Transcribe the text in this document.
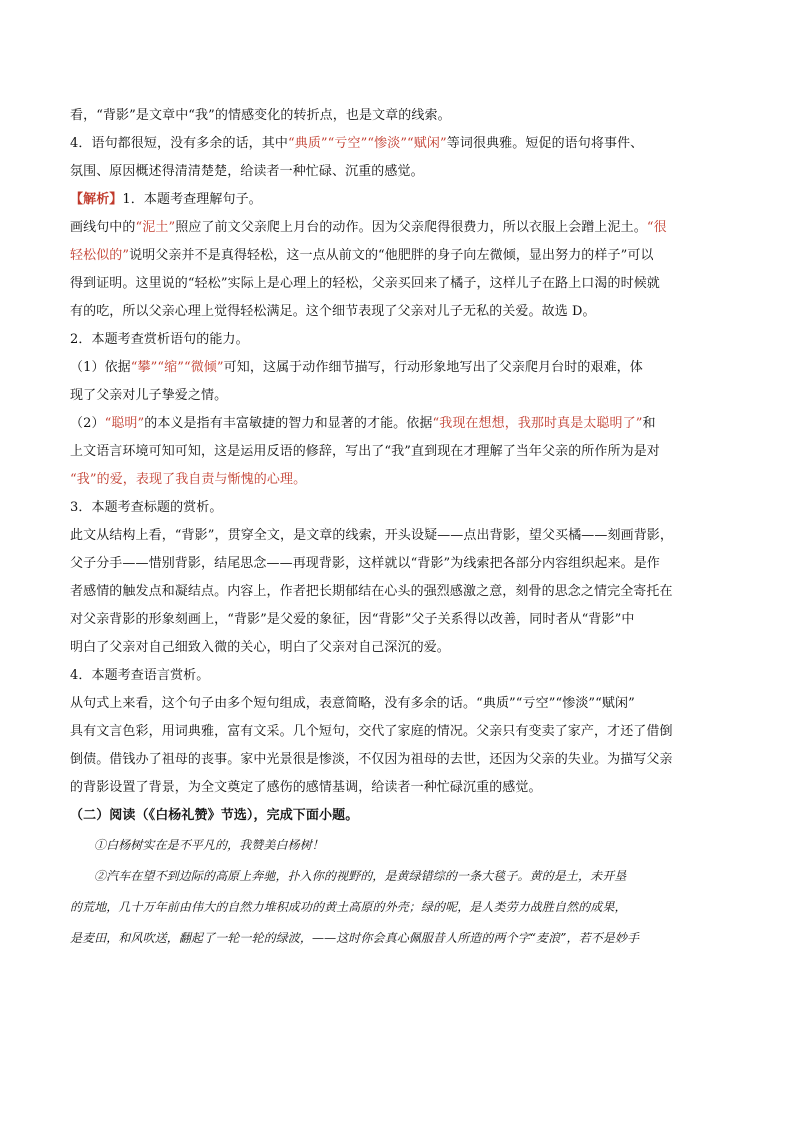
看，“背影”是文章中“我”的情感变化的转折点，也是文章的线索。
4．语句都很短，没有多余的话，其中“典质”“亏空”“惨淡”“赋闲”等词很典雅。短促的语句将事件、
氛围、原因概述得清清楚楚，给读者一种忙碌、沉重的感觉。
【解析】1．本题考查理解句子。
画线句中的“泥土”照应了前文父亲爬上月台的动作。因为父亲爬得很费力，所以衣服上会蹭上泥土。“很
轻松似的”说明父亲并不是真得轻松，这一点从前文的“他肥胖的身子向左微倾，显出努力的样子”可以
得到证明。这里说的“轻松”实际上是心理上的轻松，父亲买回来了橘子，这样儿子在路上口渴的时候就
有的吃，所以父亲心理上觉得轻松满足。这个细节表现了父亲对儿子无私的关爱。故选 D。
2．本题考查赏析语句的能力。
（1）依据“攀”“缩”“微倾”可知，这属于动作细节描写，行动形象地写出了父亲爬月台时的艰难，体
现了父亲对儿子挚爱之情。
（2）“聪明”的本义是指有丰富敏捷的智力和显著的才能。依据“我现在想想，我那时真是太聪明了”和
上文语言环境可知可知，这是运用反语的修辞，写出了“我”直到现在才理解了当年父亲的所作所为是对
“我”的爱，表现了我自责与惭愧的心理。
3．本题考查标题的赏析。
此文从结构上看，“背影”，贯穿全文，是文章的线索，开头设疑——点出背影，望父买橘——刻画背影，
父子分手——惜别背影，结尾思念——再现背影，这样就以“背影”为线索把各部分内容组织起来。是作
者感情的触发点和凝结点。内容上，作者把长期郁结在心头的强烈感激之意，刻骨的思念之情完全寄托在
对父亲背影的形象刻画上，“背影”是父爱的象征，因“背影”父子关系得以改善，同时者从“背影”中
明白了父亲对自己细致入微的关心，明白了父亲对自己深沉的爱。
4．本题考查语言赏析。
从句式上来看，这个句子由多个短句组成，表意简略，没有多余的话。“典质”“亏空”“惨淡”“赋闲”
具有文言色彩，用词典雅，富有文采。几个短句，交代了家庭的情况。父亲只有变卖了家产，才还了借倒
倒债。借钱办了祖母的丧事。家中光景很是惨淡，不仅因为祖母的去世，还因为父亲的失业。为描写父亲
的背影设置了背景，为全文奠定了感伤的感情基调，给读者一种忙碌沉重的感觉。
（二）阅读（《白杨礼赞》节选），完成下面小题。
①白杨树实在是不平凡的，我赞美白杨树！
②汽车在望不到边际的高原上奔驰，扑入你的视野的，是黄绿错综的一条大毯子。黄的是土，未开垦
的荒地，几十万年前由伟大的自然力堆积成功的黄土高原的外壳；绿的呢，是人类劳力战胜自然的成果，
是麦田，和风吹送，翻起了一轮一轮的绿波，——这时你会真心佩服昔人所造的两个字“麦浪”，若不是妙手
